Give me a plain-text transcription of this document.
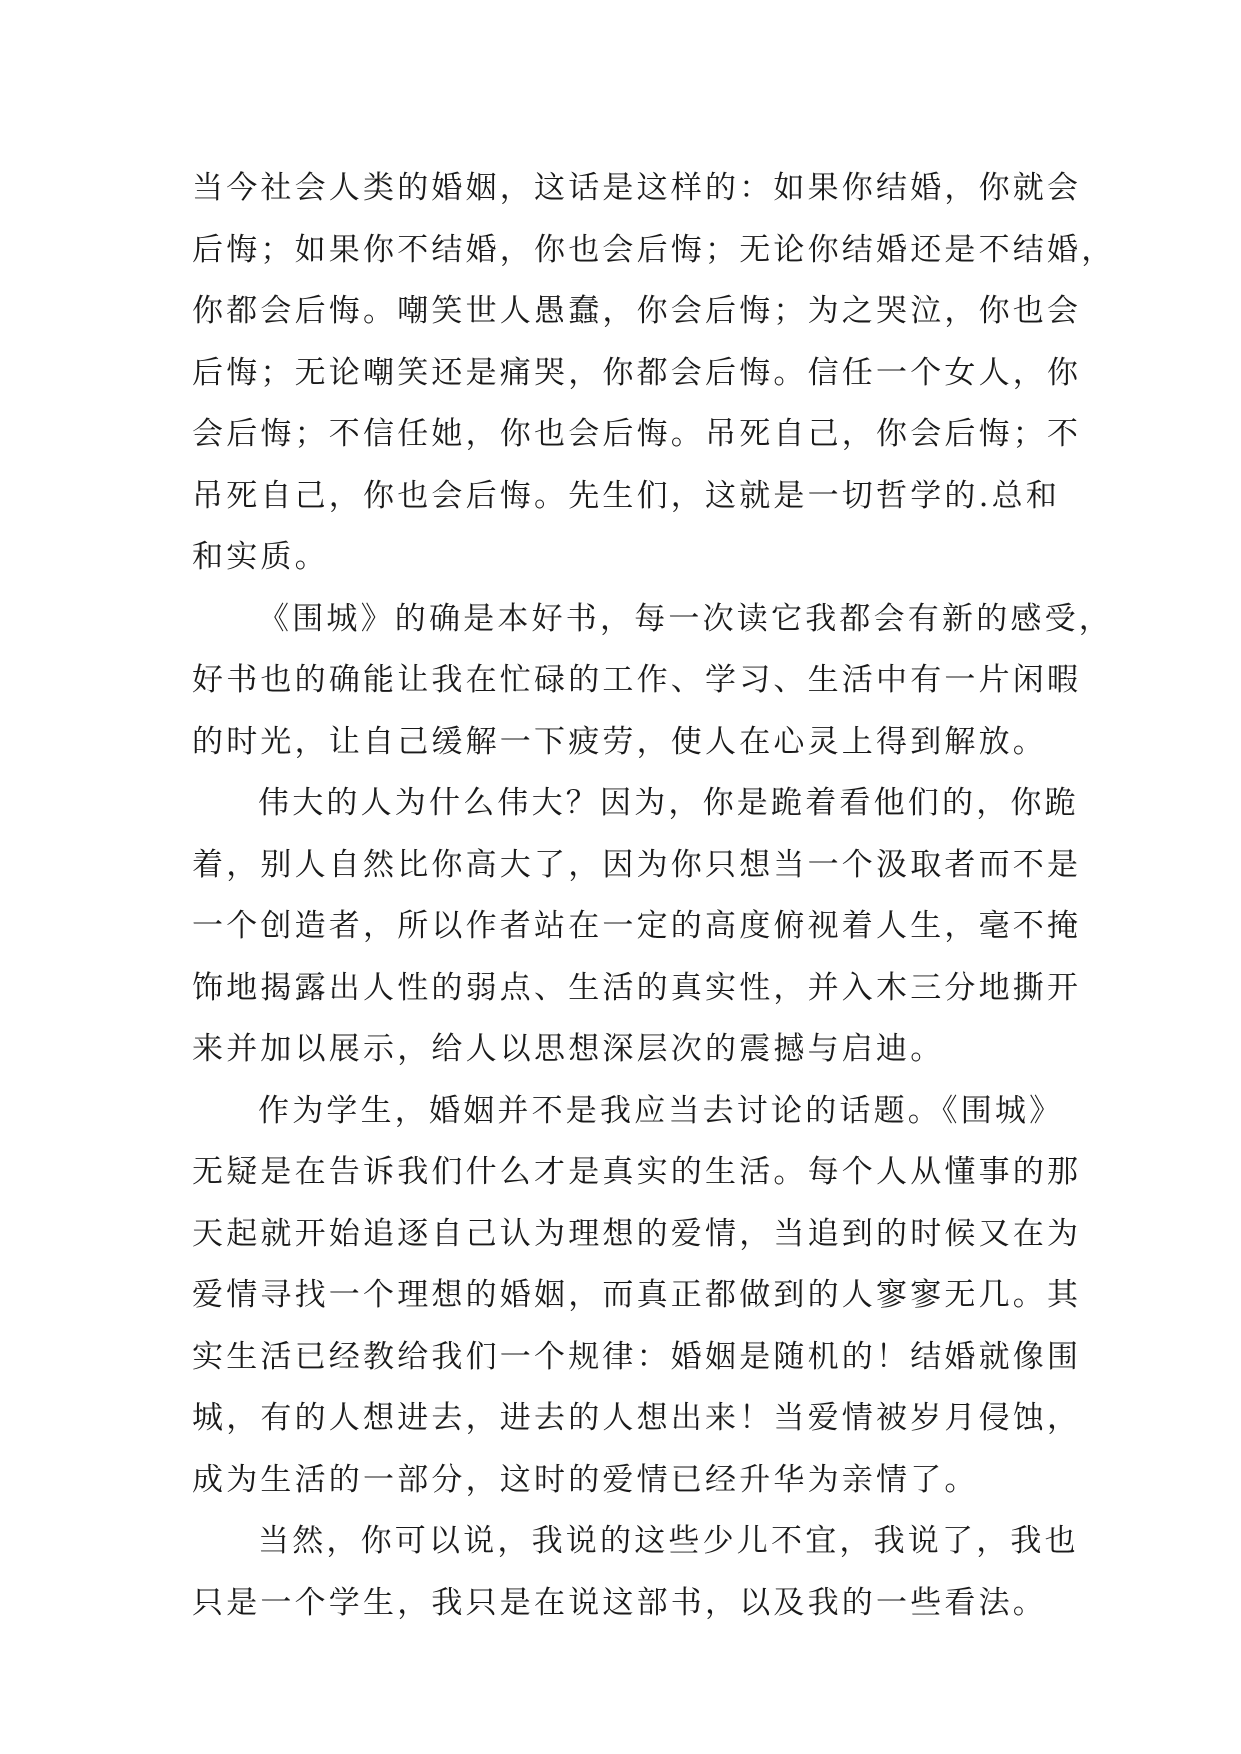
当今社会人类的婚姻，这话是这样的：如果你结婚，你就会
后悔；如果你不结婚，你也会后悔；无论你结婚还是不结婚，
你都会后悔。嘲笑世人愚蠢，你会后悔；为之哭泣，你也会
后悔；无论嘲笑还是痛哭，你都会后悔。信任一个女人，你
会后悔；不信任她，你也会后悔。吊死自己，你会后悔；不
吊死自己，你也会后悔。先生们，这就是一切哲学的.总和
和实质。
《围城》的确是本好书，每一次读它我都会有新的感受，
好书也的确能让我在忙碌的工作、学习、生活中有一片闲暇
的时光，让自己缓解一下疲劳，使人在心灵上得到解放。
伟大的人为什么伟大？因为，你是跪着看他们的，你跪
着，别人自然比你高大了，因为你只想当一个汲取者而不是
一个创造者，所以作者站在一定的高度俯视着人生，毫不掩
饰地揭露出人性的弱点、生活的真实性，并入木三分地撕开
来并加以展示，给人以思想深层次的震撼与启迪。
作为学生，婚姻并不是我应当去讨论的话题。《围城》
无疑是在告诉我们什么才是真实的生活。每个人从懂事的那
天起就开始追逐自己认为理想的爱情，当追到的时候又在为
爱情寻找一个理想的婚姻，而真正都做到的人寥寥无几。其
实生活已经教给我们一个规律：婚姻是随机的！结婚就像围
城，有的人想进去，进去的人想出来！当爱情被岁月侵蚀，
成为生活的一部分，这时的爱情已经升华为亲情了。
当然，你可以说，我说的这些少儿不宜，我说了，我也
只是一个学生，我只是在说这部书，以及我的一些看法。
